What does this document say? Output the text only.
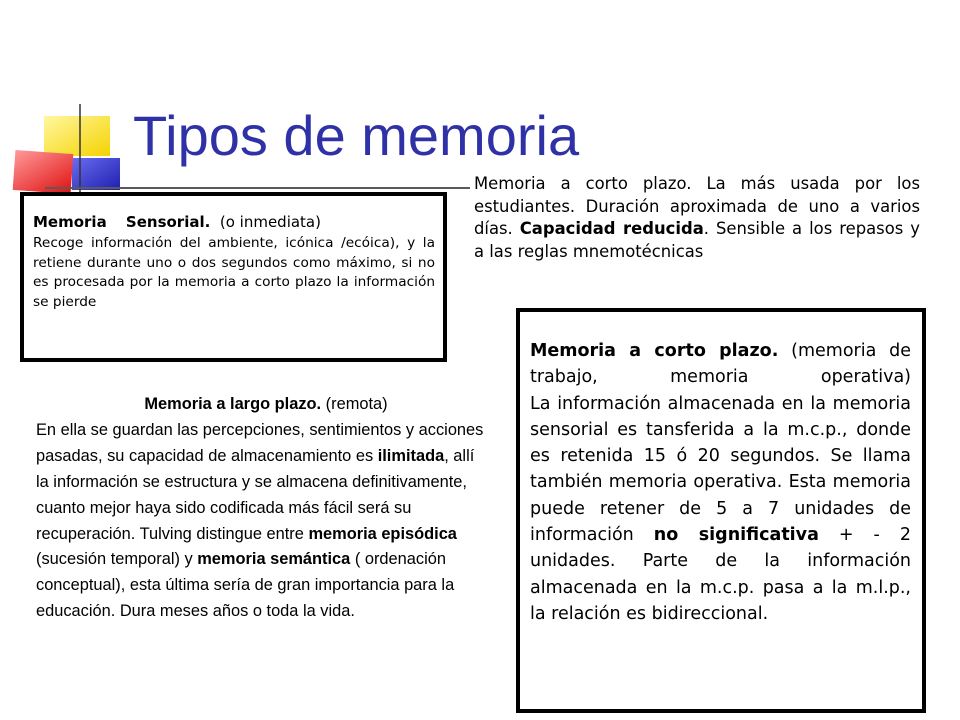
Tipos de memoria
Memoria a corto plazo. La más usada por los estudiantes. Duración aproximada de uno a varios días. Capacidad reducida. Sensible a los repasos y a las reglas mnemotécnicas
Memoria Sensorial. (o inmediata)
Recoge información del ambiente, icónica /ecóica), y la retiene durante uno o dos segundos como máximo, si no es procesada por la memoria a corto plazo la información se pierde
Memoria a largo plazo. (remota)
En ella se guardan las percepciones, sentimientos y acciones pasadas, su capacidad de almacenamiento es ilimitada, allí la información se estructura y se almacena definitivamente, cuanto mejor haya sido codificada más fácil será su recuperación. Tulving distingue entre memoria episódica (sucesión temporal) y memoria semántica ( ordenación conceptual), esta última sería de gran importancia para la educación. Dura meses años o toda la vida.
Memoria a corto plazo. (memoria de trabajo, memoria operativa)
La información almacenada en la memoria sensorial es tansferida a la m.c.p., donde es retenida 15 ó 20 segundos. Se llama también memoria operativa. Esta memoria puede retener de 5 a 7 unidades de información no significativa + - 2 unidades. Parte de la información almacenada en la m.c.p. pasa a la m.l.p., la relación es bidireccional.
